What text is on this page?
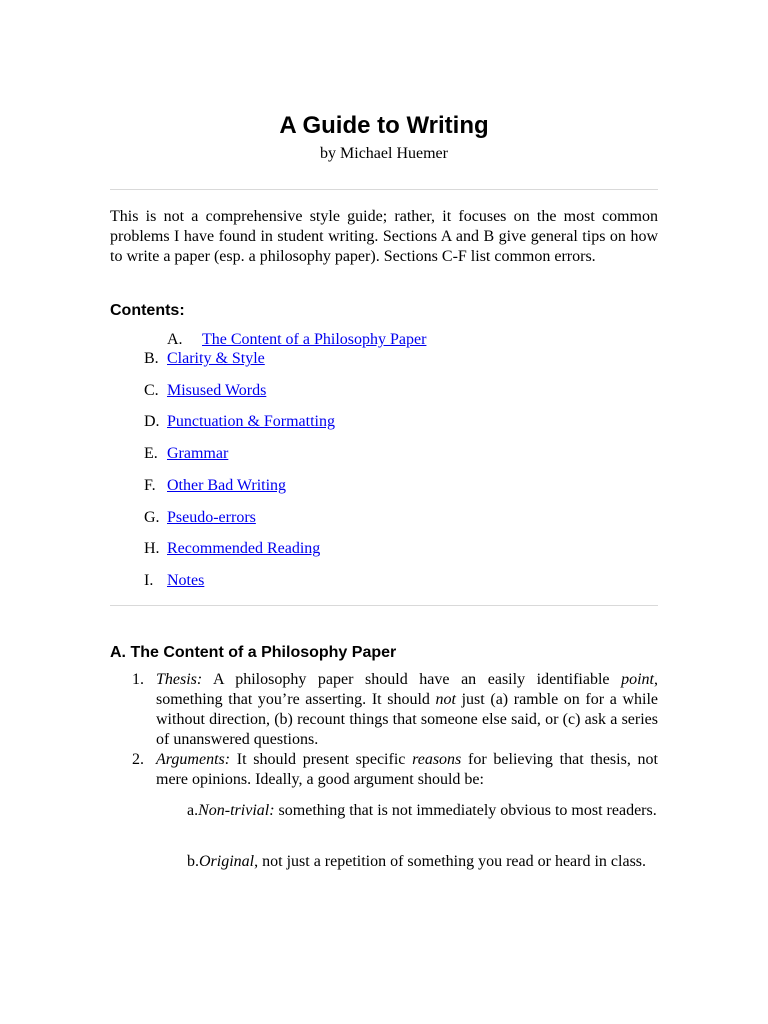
A Guide to Writing
by Michael Huemer

This is not a comprehensive style guide; rather, it focuses on the most common problems I have found in student writing. Sections A and B give general tips on how to write a paper (esp. a philosophy paper). Sections C-F list common errors.

Contents:
A. The Content of a Philosophy Paper
B. Clarity & Style
C. Misused Words
D. Punctuation & Formatting
E. Grammar
F. Other Bad Writing
G. Pseudo-errors
H. Recommended Reading
I. Notes
A. The Content of a Philosophy Paper
1. Thesis: A philosophy paper should have an easily identifiable point, something that you’re asserting. It should not just (a) ramble on for a while without direction, (b) recount things that someone else said, or (c) ask a series of unanswered questions.

2. Arguments: It should present specific reasons for believing that thesis, not mere opinions. Ideally, a good argument should be:

a.Non-trivial: something that is not immediately obvious to most readers.

b.Original, not just a repetition of something you read or heard in class.
